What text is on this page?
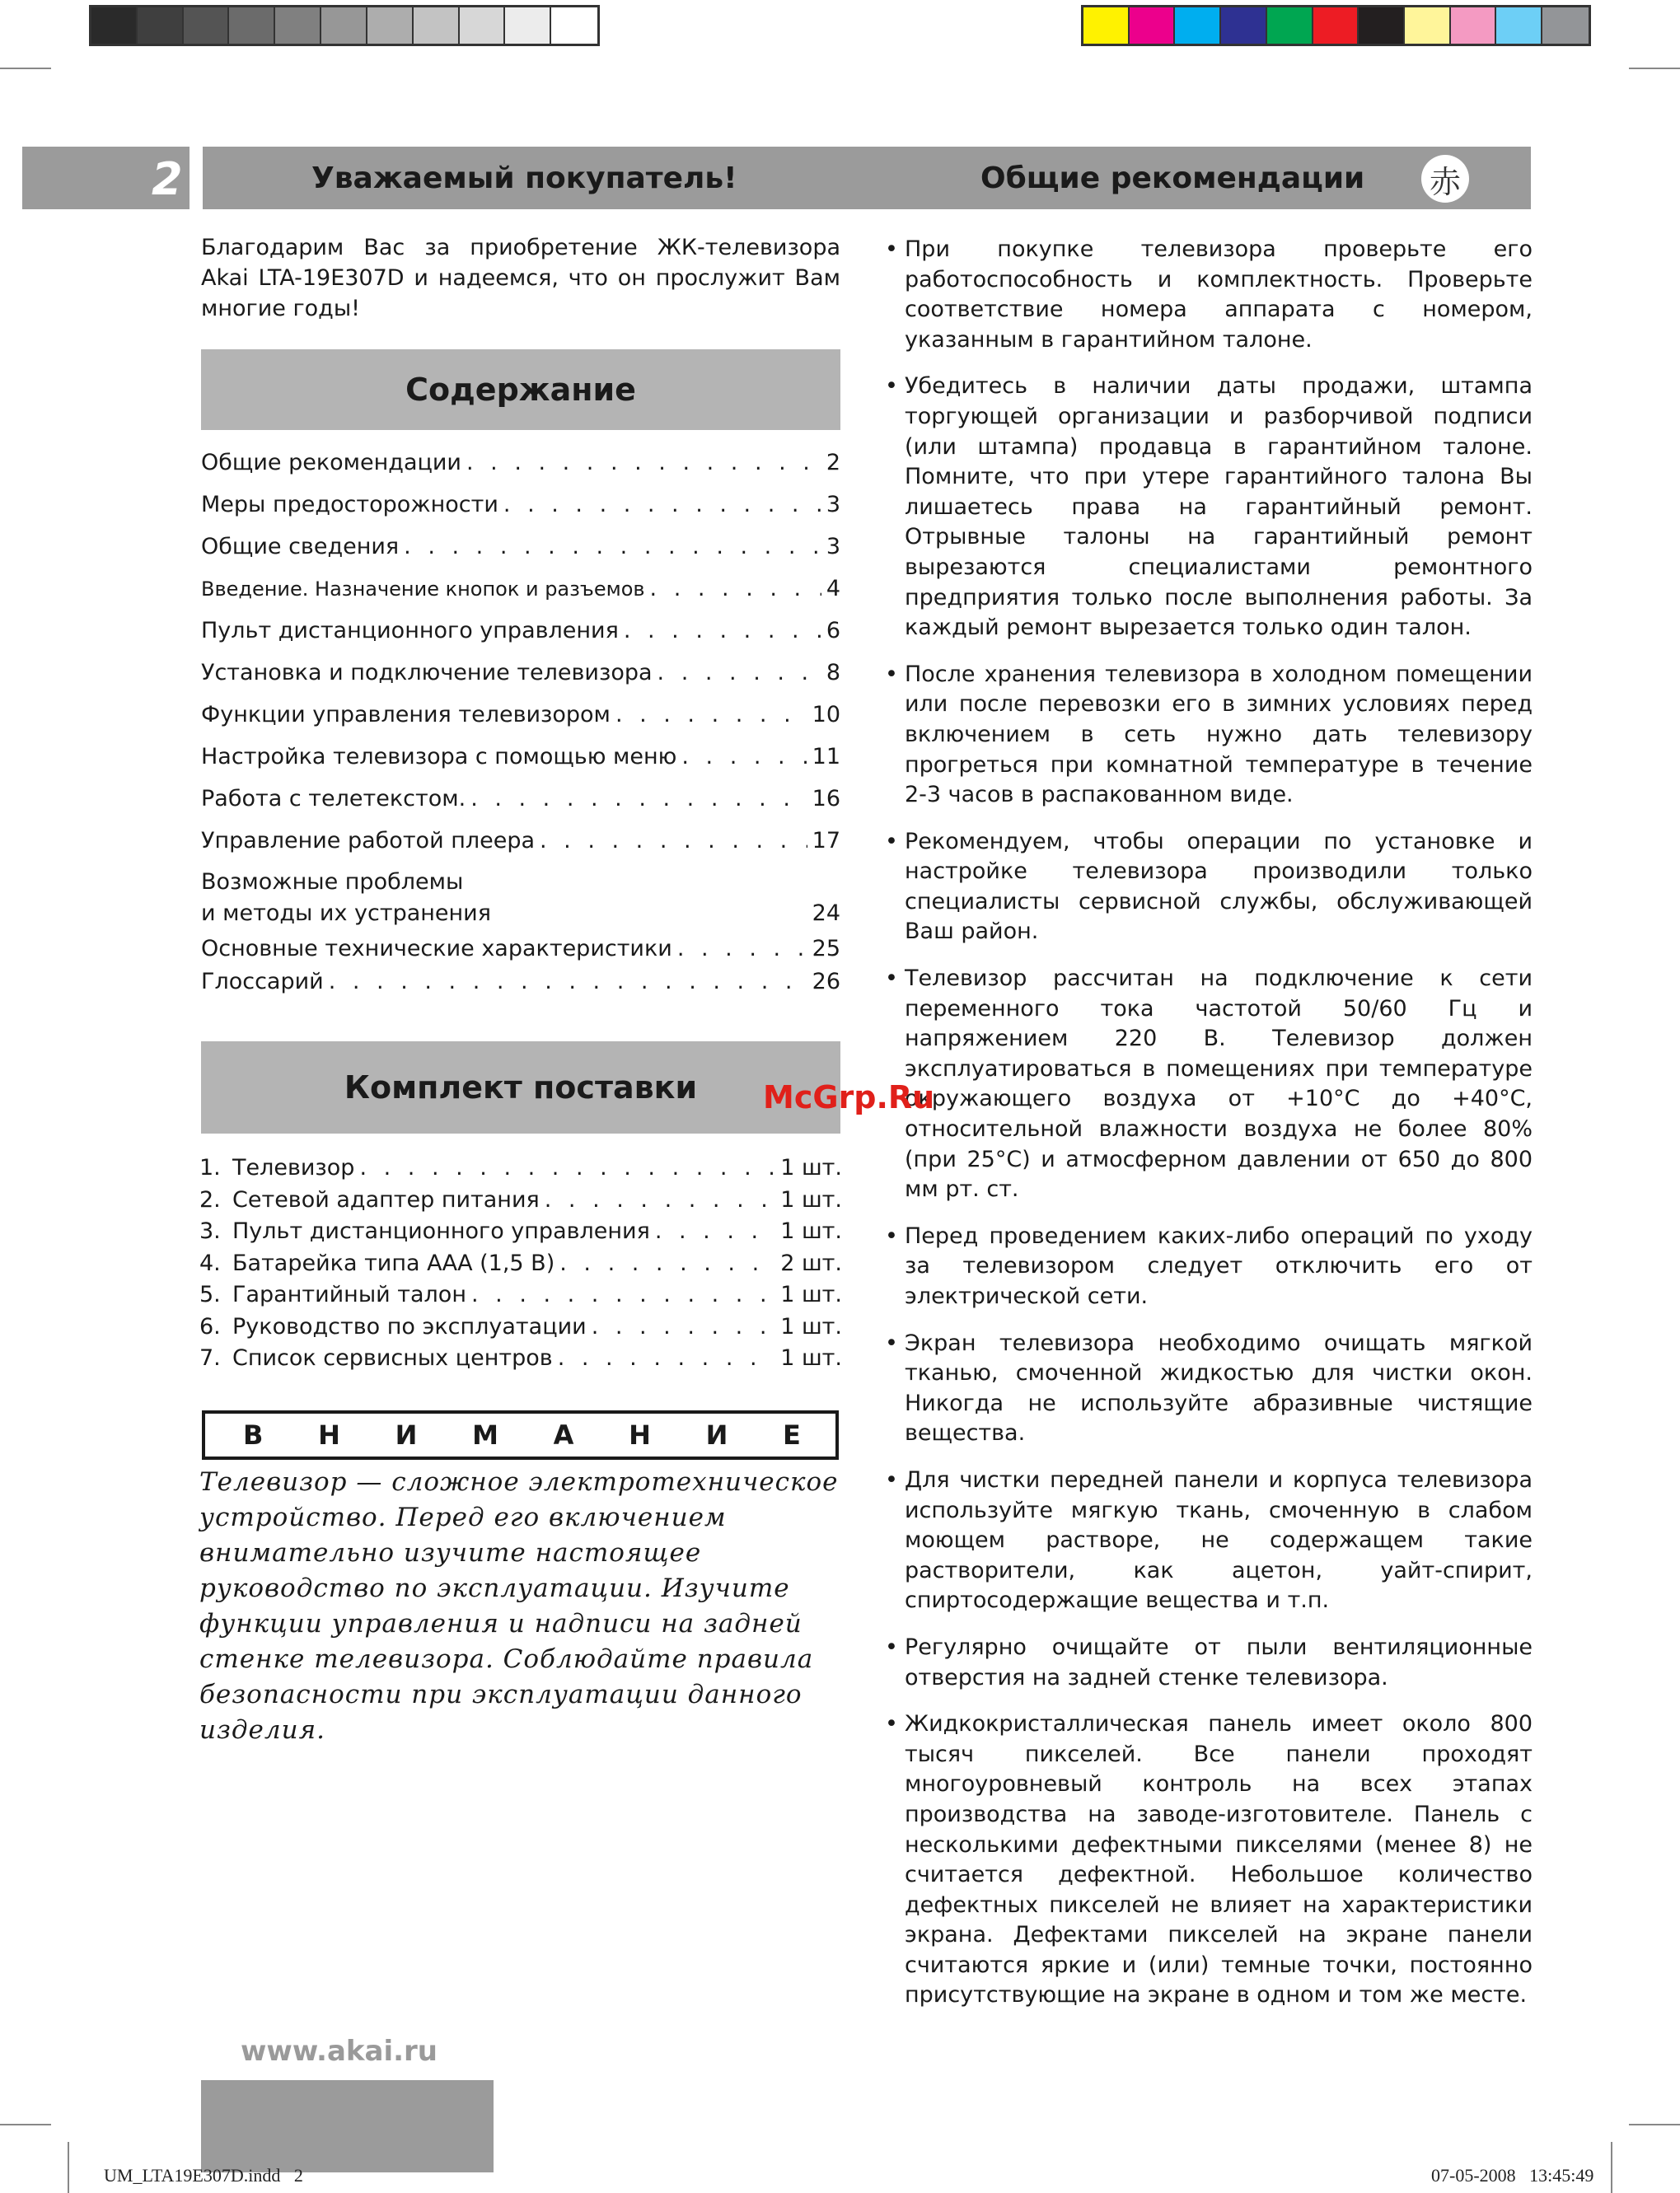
2	Уважаемый покупатель!	Общие рекомендации 赤
Благодарим Вас за приобретение ЖК-телевизора Akai LTA-19E307D и надеемся, что он прослужит Вам многие годы!
Содержание
Общие рекомендации . . .	2
Меры предосторожности . . .	3
Общие сведения . . .	3
Введение. Назначение кнопок и разъемов . . .	4
Пульт дистанционного управления . . .	6
Установка и подключение телевизора . . .	8
Функции управления телевизором . . .	10
Настройка телевизора с помощью меню . . .	11
Работа с телетекстом. . . .	16
Управление работой плеера . . .	17
Возможные проблемы
и методы их устранения	24
Основные технические характеристики . . .	25
Глоссарий . . .	26
Комплект поставки
1. Телевизор . . .	1 шт.
2. Сетевой адаптер питания . . .	1 шт.
3. Пульт дистанционного управления . . .	1 шт.
4. Батарейка типа ААА (1,5 В) . . .	2 шт.
5. Гарантийный талон . . .	1 шт.
6. Руководство по эксплуатации . . .	1 шт.
7. Список сервисных центров . . .	1 шт.
В Н И М А Н И Е
Телевизор — сложное электротехническое устройство. Перед его включением внимательно изучите настоящее руководство по эксплуатации. Изучите функции управления и надписи на задней стенке телевизора. Соблюдайте правила безопасности при эксплуатации данного изделия.
• При покупке телевизора проверьте его работоспособность и комплектность. Проверьте соответствие номера аппарата с номером, указанным в гарантийном талоне.
• Убедитесь в наличии даты продажи, штампа торгующей организации и разборчивой подписи (или штампа) продавца в гарантийном талоне. Помните, что при утере гарантийного талона Вы лишаетесь права на гарантийный ремонт. Отрывные талоны на гарантийный ремонт вырезаются специалистами ремонтного предприятия только после выполнения работы. За каждый ремонт вырезается только один талон.
• После хранения телевизора в холодном помещении или после перевозки его в зимних условиях перед включением в сеть нужно дать телевизору прогреться при комнатной температуре в течение 2-3 часов в распакованном виде.
• Рекомендуем, чтобы операции по установке и настройке телевизора производили только специалисты сервисной службы, обслуживающей Ваш район.
• Телевизор рассчитан на подключение к сети переменного тока частотой 50/60 Гц и напряжением 220 В. Телевизор должен эксплуатироваться в помещениях при температуре окружающего воздуха от +10°С до +40°С, относительной влажности воздуха не более 80% (при 25°С) и атмосферном давлении от 650 до 800 мм рт. ст.
• Перед проведением каких-либо операций по уходу за телевизором следует отключить его от электрической сети.
• Экран телевизора необходимо очищать мягкой тканью, смоченной жидкостью для чистки окон. Никогда не используйте абразивные чистящие вещества.
• Для чистки передней панели и корпуса телевизора используйте мягкую ткань, смоченную в слабом моющем растворе, не содержащем такие растворители, как ацетон, уайт-спирит, спиртосодержащие вещества и т.п.
• Регулярно очищайте от пыли вентиляционные отверстия на задней стенке телевизора.
• Жидкокристаллическая панель имеет около 800 тысяч пикселей. Все панели проходят многоуровневый контроль на всех этапах производства на заводе-изготовителе. Панель с несколькими дефектными пикселями (менее 8) не считается дефектной. Небольшое количество дефектных пикселей не влияет на характеристики экрана. Дефектами пикселей на экране панели считаются яркие и (или) темные точки, постоянно присутствующие на экране в одном и том же месте.
McGrp.Ru
www.akai.ru
UM_LTA19E307D.indd   2	07-05-2008   13:45:49
